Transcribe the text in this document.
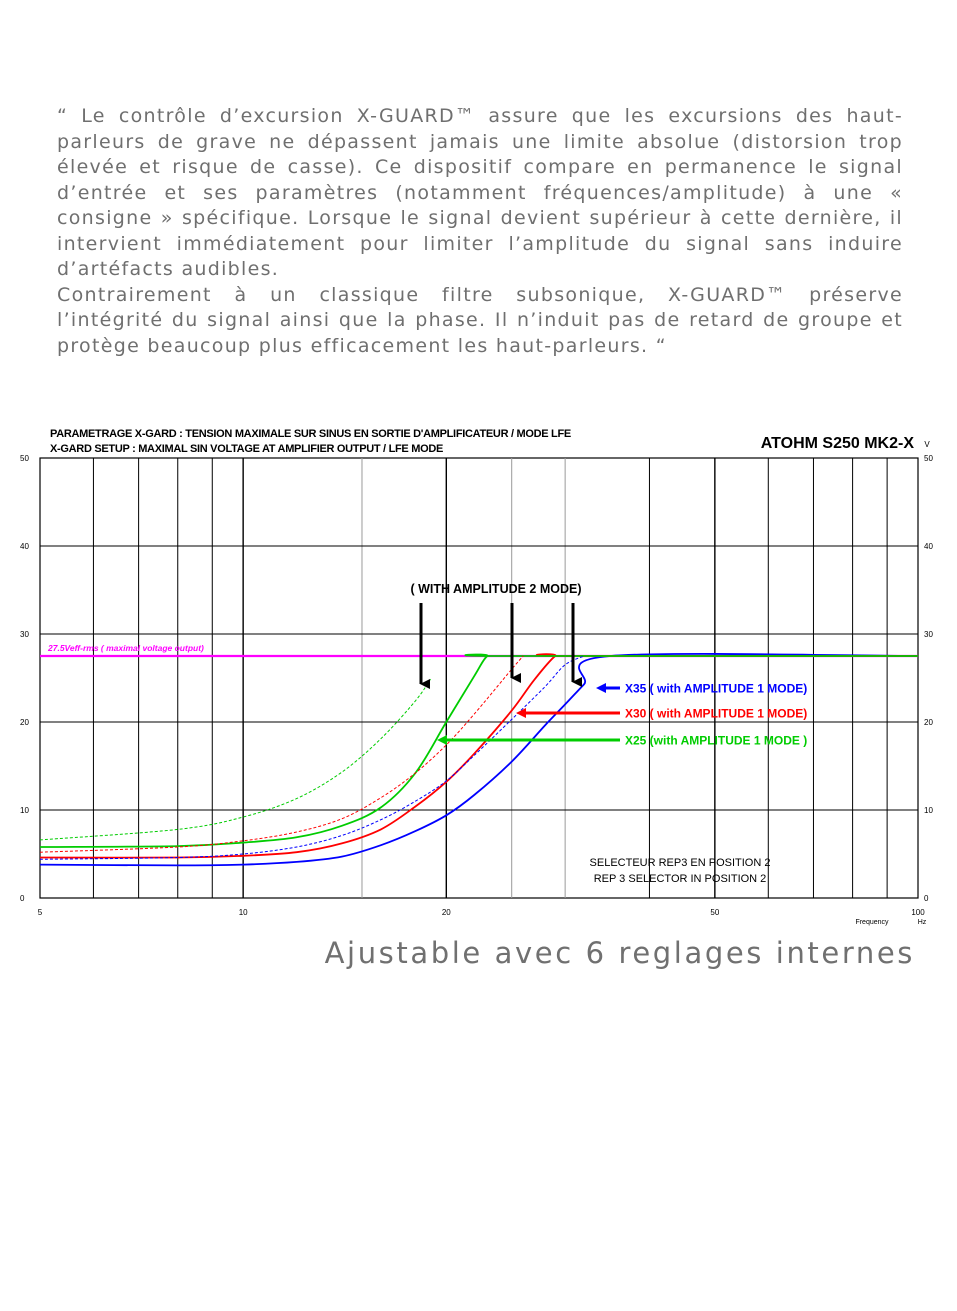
“ Le contrôle d’excursion X-GUARD™ assure que les excursions des haut-parleurs de grave ne dépassent jamais une limite absolue (distorsion trop élevée et risque de casse). Ce dispositif compare en permanence le signal d’entrée et ses paramètres (notamment fréquences/amplitude) à une « consigne » spécifique. Lorsque le signal devient supérieur à cette dernière, il intervient immédiatement pour limiter l’amplitude du signal sans induire d’artéfacts audibles.

Contrairement à un classique filtre subsonique, X-GUARD™ préserve l’intégrité du signal ainsi que la phase. Il n’induit pas de retard de groupe et protège beaucoup plus efficacement les haut-parleurs. “

0	0
10	10
20	20
30	30
40	40
50	50
5	10	20	50	100
Frequency	Hz
V
PARAMETRAGE X-GARD : TENSION MAXIMALE SUR SINUS EN SORTIE D'AMPLIFICATEUR / MODE LFE
X-GARD SETUP : MAXIMAL SIN VOLTAGE AT AMPLIFIER OUTPUT / LFE MODE	ATOHM S250 MK2-X
27.5Veff-rms ( maximal voltage output)
( WITH AMPLITUDE 2 MODE)
X35 ( with AMPLITUDE 1 MODE)
X30 ( with AMPLITUDE 1 MODE)
X25 (with AMPLITUDE 1 MODE )
SELECTEUR REP3 EN POSITION 2
REP 3 SELECTOR IN POSITION 2
Ajustable avec 6 reglages internes
